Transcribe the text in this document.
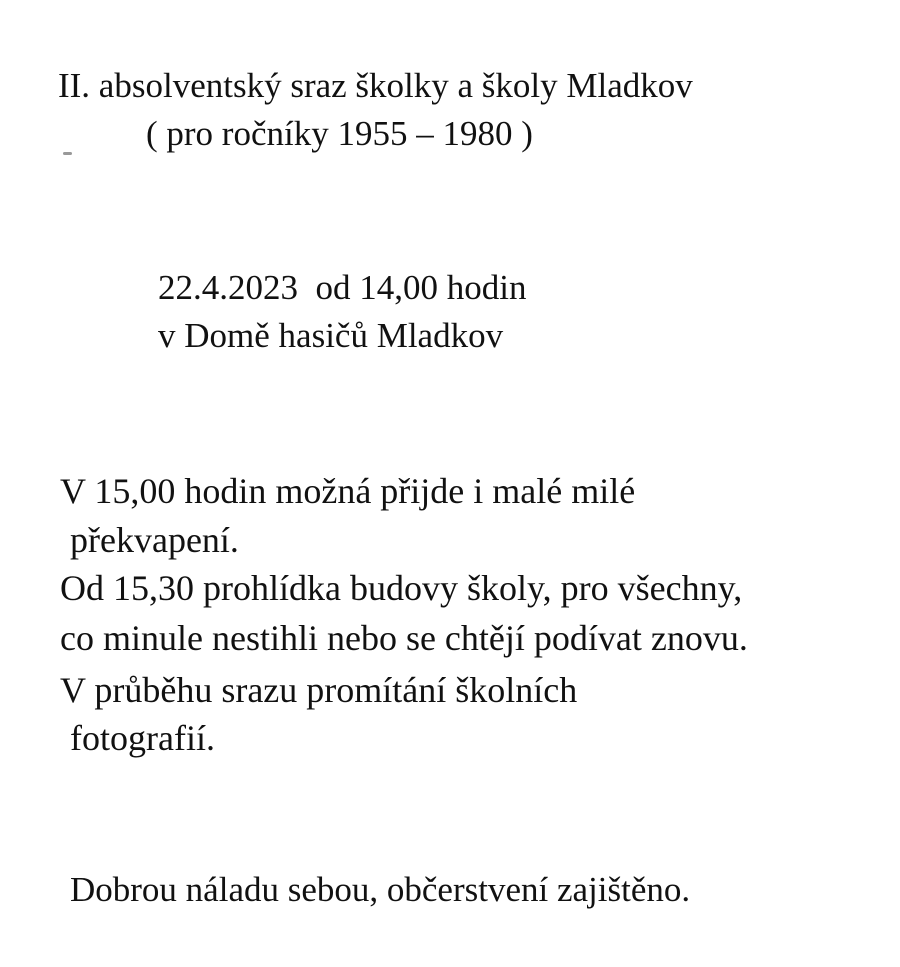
II. absolventský sraz školky a školy Mladkov
( pro ročníky 1955 – 1980 )
22.4.2023  od 14,00 hodin
v Domě hasičů Mladkov
V 15,00 hodin možná přijde i malé milé
překvapení.
Od 15,30 prohlídka budovy školy, pro všechny,
co minule nestihli nebo se chtějí podívat znovu.
V průběhu srazu promítání školních
fotografií.
Dobrou náladu sebou, občerstvení zajištěno.
